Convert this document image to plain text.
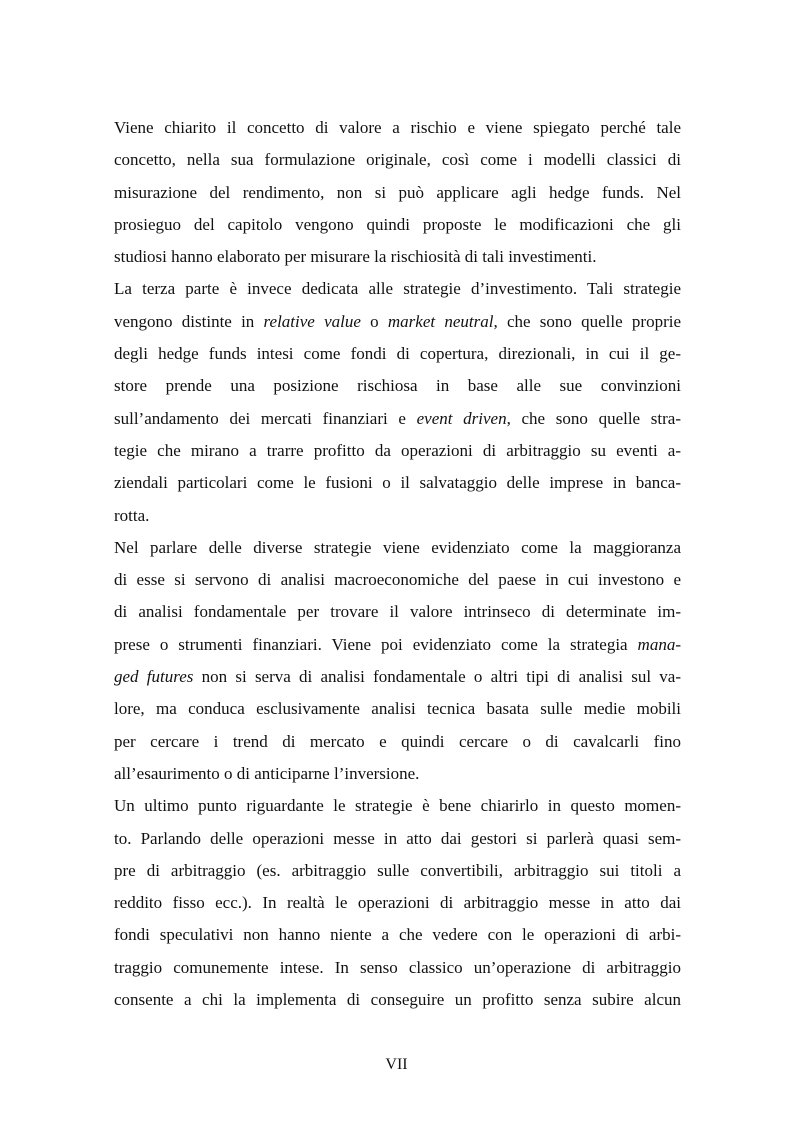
Viene chiarito il concetto di valore a rischio e viene spiegato perché tale
concetto, nella sua formulazione originale, così come i modelli classici di
misurazione del rendimento, non si può applicare agli hedge funds. Nel
prosieguo del capitolo vengono quindi proposte le modificazioni che gli
studiosi hanno elaborato per misurare la rischiosità di tali investimenti.
La terza parte è invece dedicata alle strategie d’investimento. Tali strategie
vengono distinte in relative value o market neutral, che sono quelle proprie
degli hedge funds intesi come fondi di copertura, direzionali, in cui il ge-
store prende una posizione rischiosa in base alle sue convinzioni
sull’andamento dei mercati finanziari e event driven, che sono quelle stra-
tegie che mirano a trarre profitto da operazioni di arbitraggio su eventi a-
ziendali particolari come le fusioni o il salvataggio delle imprese in banca-
rotta.
Nel parlare delle diverse strategie viene evidenziato come la maggioranza
di esse si servono di analisi macroeconomiche del paese in cui investono e
di analisi fondamentale per trovare il valore intrinseco di determinate im-
prese o strumenti finanziari. Viene poi evidenziato come la strategia mana-
ged futures non si serva di analisi fondamentale o altri tipi di analisi sul va-
lore, ma conduca esclusivamente analisi tecnica basata sulle medie mobili
per cercare i trend di mercato e quindi cercare o di cavalcarli fino
all’esaurimento o di anticiparne l’inversione.
Un ultimo punto riguardante le strategie è bene chiarirlo in questo momen-
to. Parlando delle operazioni messe in atto dai gestori si parlerà quasi sem-
pre di arbitraggio (es. arbitraggio sulle convertibili, arbitraggio sui titoli a
reddito fisso ecc.). In realtà le operazioni di arbitraggio messe in atto dai
fondi speculativi non hanno niente a che vedere con le operazioni di arbi-
traggio comunemente intese. In senso classico un’operazione di arbitraggio
consente a chi la implementa di conseguire un profitto senza subire alcun
VII
